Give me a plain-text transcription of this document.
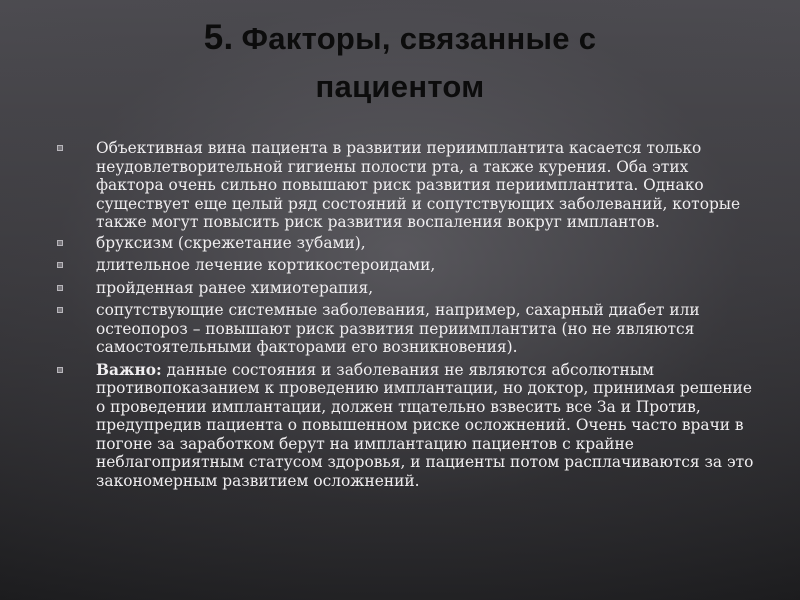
5. Факторы, связанные с
пациентом
Объективная вина пациента в развитии периимплантита касается только неудовлетворительной гигиены полости рта, а также курения. Оба этих фактора очень сильно повышают риск развития периимплантита. Однако существует еще целый ряд состояний и сопутствующих заболеваний, которые также могут повысить риск развития воспаления вокруг имплантов.
бруксизм (скрежетание зубами),
длительное лечение кортикостероидами,
пройденная ранее химиотерапия,
сопутствующие системные заболевания, например, сахарный диабет или остеопороз – повышают риск развития периимплантита (но не являются самостоятельными факторами его возникновения).
Важно: данные состояния и заболевания не являются абсолютным противопоказанием к проведению имплантации, но доктор, принимая решение о проведении имплантации, должен тщательно взвесить все За и Против, предупредив пациента о повышенном риске осложнений. Очень часто врачи в погоне за заработком берут на имплантацию пациентов с крайне неблагоприятным статусом здоровья, и пациенты потом расплачиваются за это закономерным развитием осложнений.
